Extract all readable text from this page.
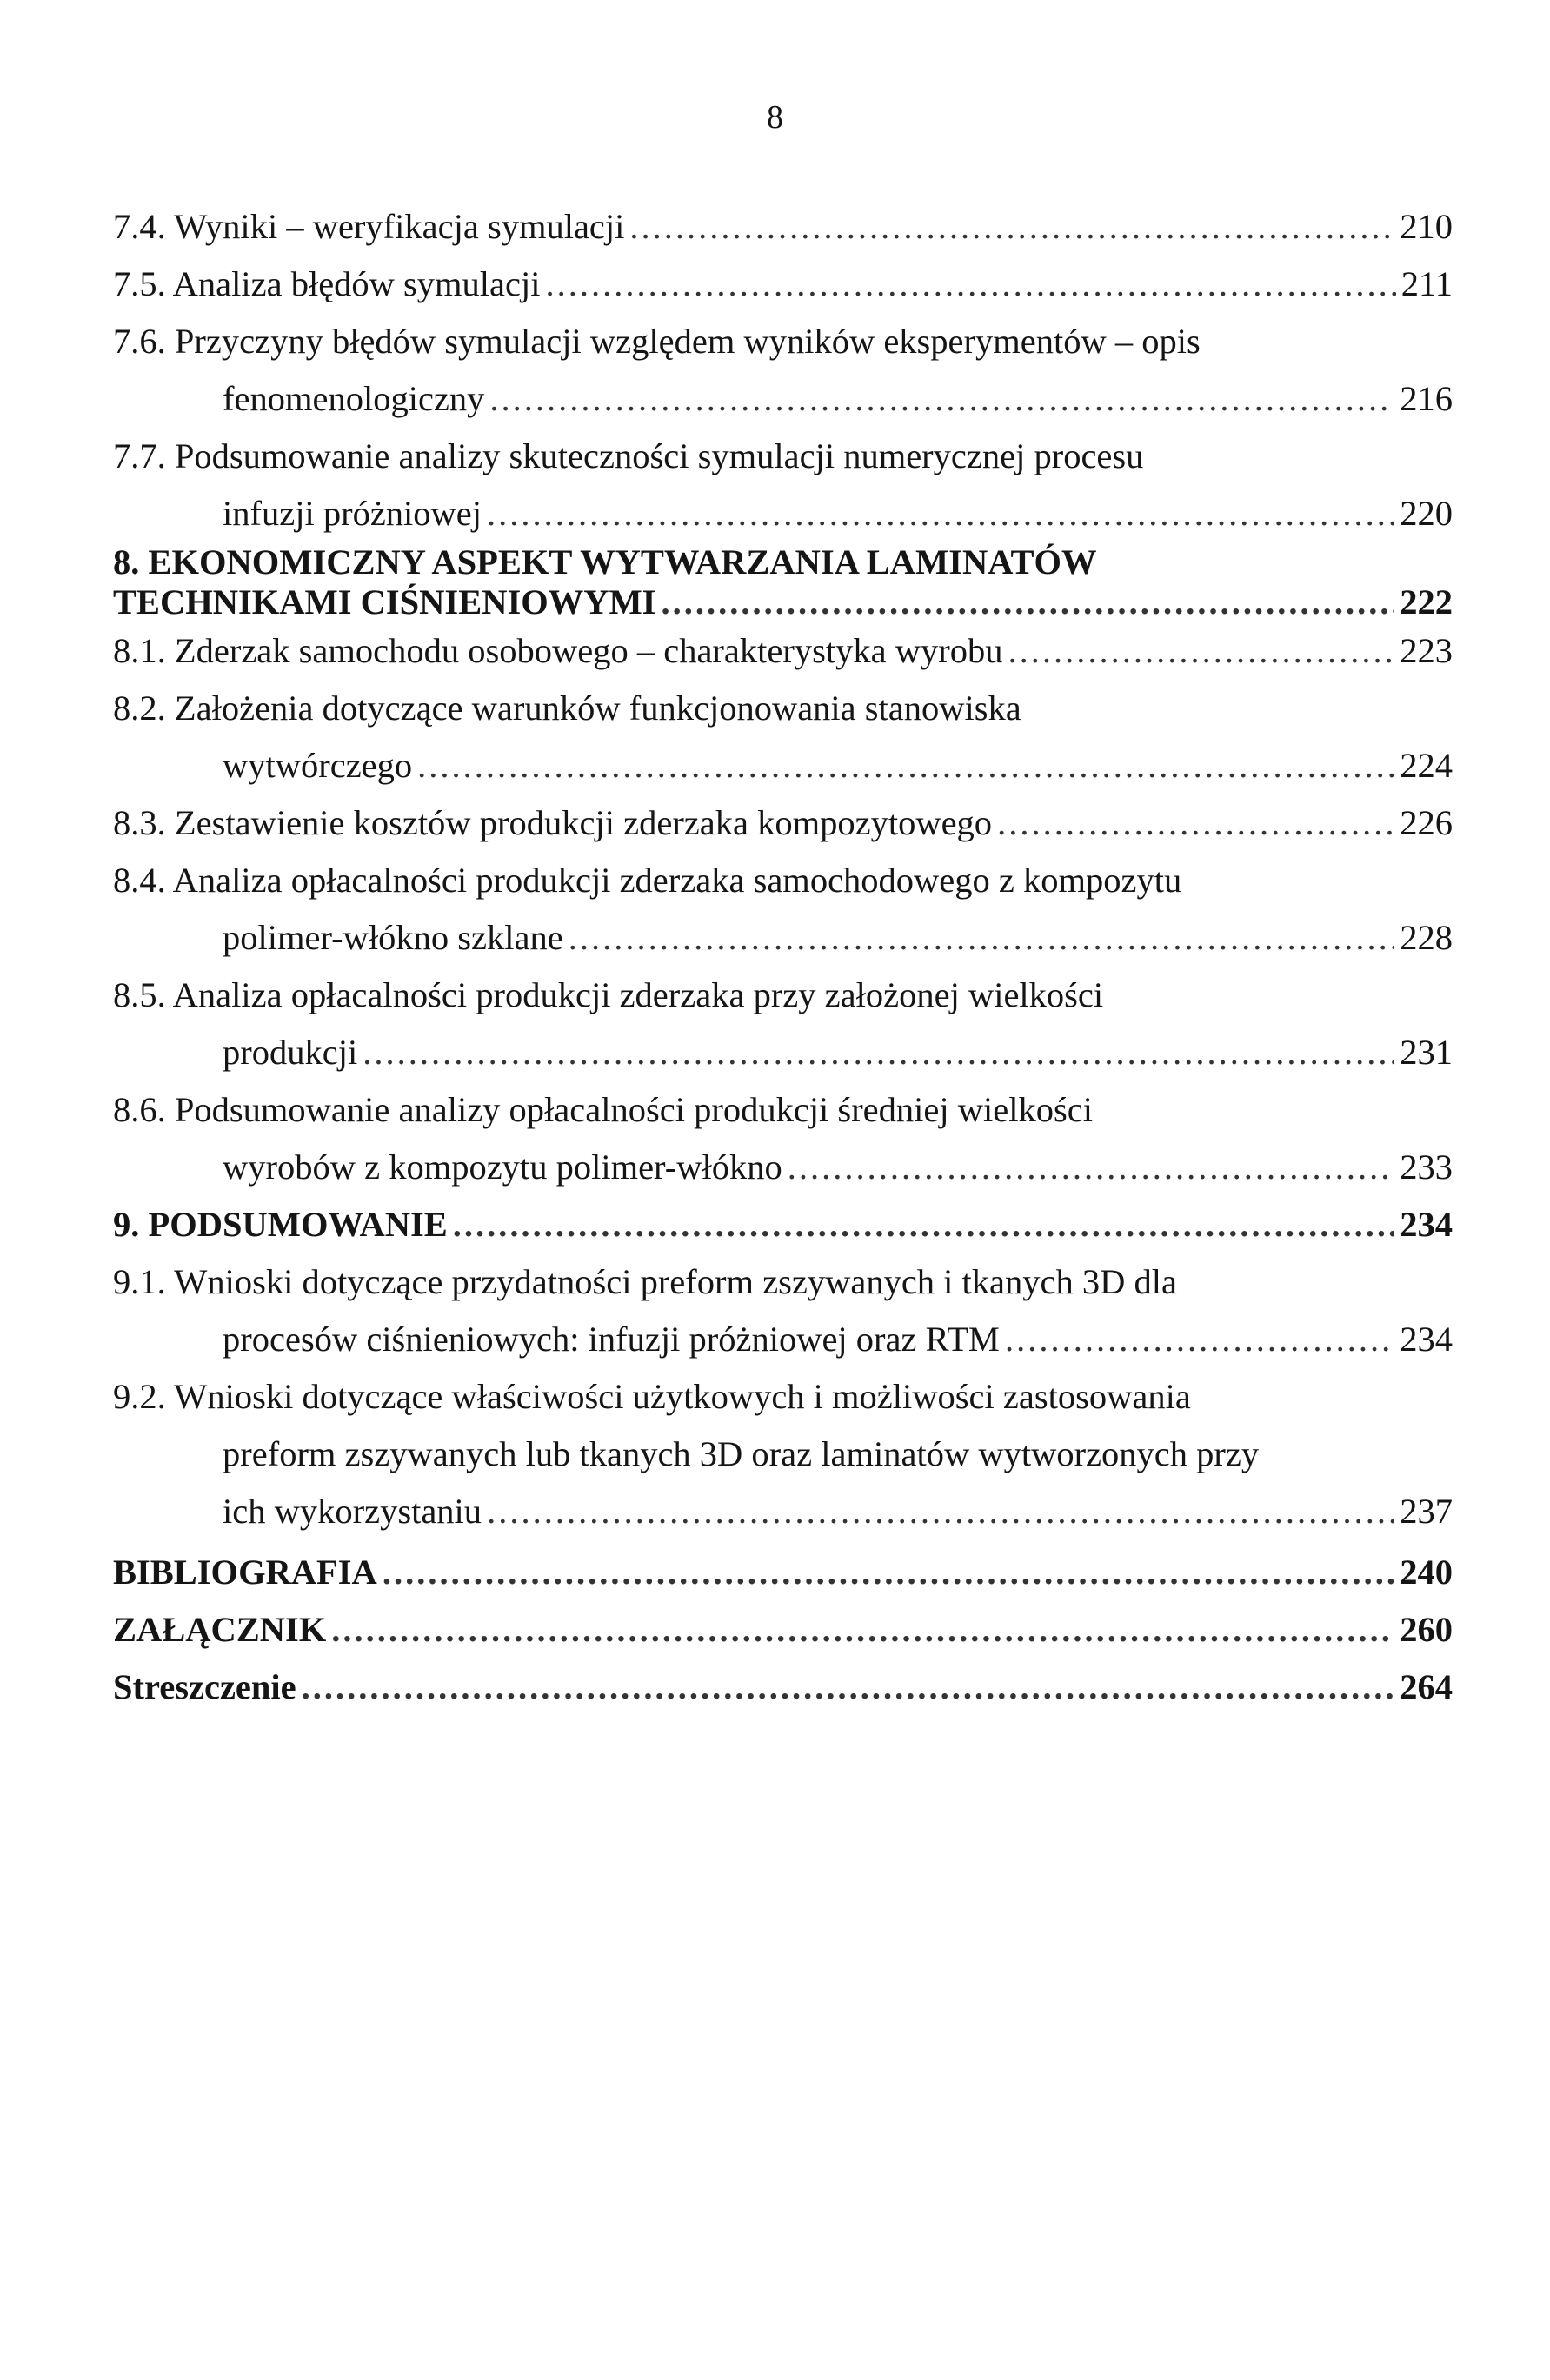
8
7.4. Wyniki – weryfikacja symulacji .....	210
7.5. Analiza błędów symulacji .....	211
7.6. Przyczyny błędów symulacji względem wyników eksperymentów – opis
fenomenologiczny .....	216
7.7. Podsumowanie analizy skuteczności symulacji numerycznej procesu
infuzji próżniowej .....	220
8. EKONOMICZNY ASPEKT WYTWARZANIA LAMINATÓW
TECHNIKAMI CIŚNIENIOWYMI .....	222
8.1. Zderzak samochodu osobowego – charakterystyka wyrobu .....	223
8.2. Założenia dotyczące warunków funkcjonowania stanowiska
wytwórczego .....	224
8.3. Zestawienie kosztów produkcji zderzaka kompozytowego .....	226
8.4. Analiza opłacalności produkcji zderzaka samochodowego z kompozytu
polimer-włókno szklane .....	228
8.5. Analiza opłacalności produkcji zderzaka przy założonej wielkości
produkcji .....	231
8.6. Podsumowanie analizy opłacalności produkcji średniej wielkości
wyrobów z kompozytu polimer-włókno .....	233
9. PODSUMOWANIE .....	234
9.1. Wnioski dotyczące przydatności preform zszywanych i tkanych 3D dla
procesów ciśnieniowych: infuzji próżniowej oraz RTM .....	234
9.2. Wnioski dotyczące właściwości użytkowych i możliwości zastosowania
preform zszywanych lub tkanych 3D oraz laminatów wytworzonych przy
ich wykorzystaniu .....	237
BIBLIOGRAFIA .....	240
ZAŁĄCZNIK .....	260
Streszczenie .....	264
